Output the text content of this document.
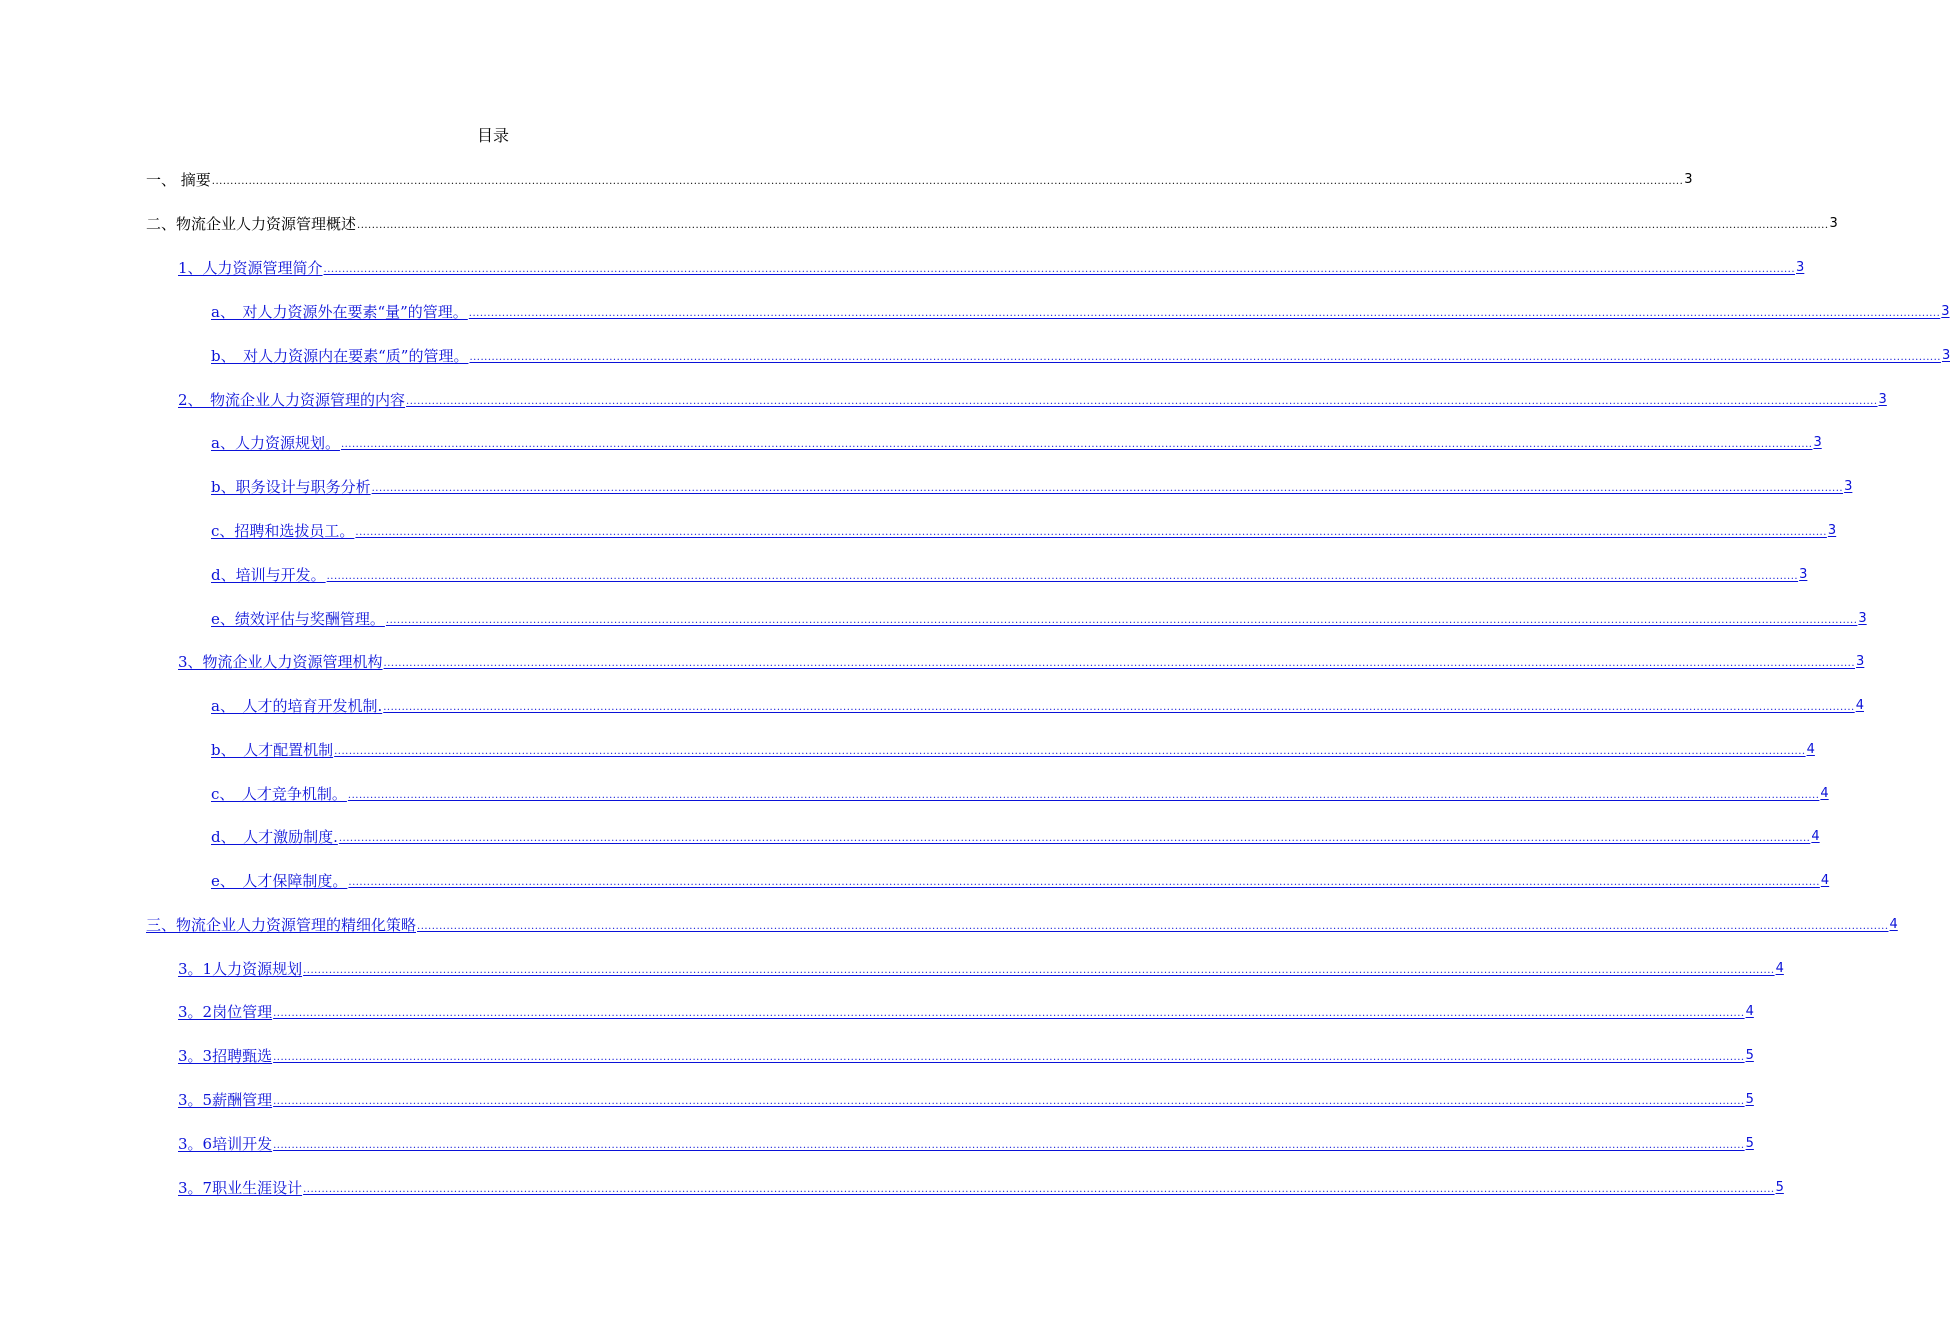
目录
一、 摘要 ................................................................................................................................................................................................................................................................................................................................................................................................................ 3
二、物流企业人力资源管理概述 ................................................................................................................................................................................................................................................................................................................................................................................................................ 3
1、人力资源管理简介 ................................................................................................................................................................................................................................................................................................................................................................................................................ 3
a、　对人力资源外在要素“量”的管理。 ................................................................................................................................................................................................................................................................................................................................................................................................................ 3
b、　对人力资源内在要素“质”的管理。 ................................................................................................................................................................................................................................................................................................................................................................................................................ 3
2、　物流企业人力资源管理的内容 ................................................................................................................................................................................................................................................................................................................................................................................................................ 3
a、人力资源规划。 ................................................................................................................................................................................................................................................................................................................................................................................................................ 3
b、职务设计与职务分析 ................................................................................................................................................................................................................................................................................................................................................................................................................ 3
c、招聘和选拔员工。 ................................................................................................................................................................................................................................................................................................................................................................................................................ 3
d、培训与开发。 ................................................................................................................................................................................................................................................................................................................................................................................................................ 3
e、绩效评估与奖酬管理。 ................................................................................................................................................................................................................................................................................................................................................................................................................ 3
3、物流企业人力资源管理机构 ................................................................................................................................................................................................................................................................................................................................................................................................................ 3
a、　人才的培育开发机制. ................................................................................................................................................................................................................................................................................................................................................................................................................ 4
b、　人才配置机制 ................................................................................................................................................................................................................................................................................................................................................................................................................ 4
c、　人才竞争机制。 ................................................................................................................................................................................................................................................................................................................................................................................................................ 4
d、　人才激励制度. ................................................................................................................................................................................................................................................................................................................................................................................................................ 4
e、　人才保障制度。 ................................................................................................................................................................................................................................................................................................................................................................................................................ 4
三、物流企业人力资源管理的精细化策略 ................................................................................................................................................................................................................................................................................................................................................................................................................ 4
3。1人力资源规划 ................................................................................................................................................................................................................................................................................................................................................................................................................ 4
3。2岗位管理 ................................................................................................................................................................................................................................................................................................................................................................................................................ 4
3。3招聘甄选 ................................................................................................................................................................................................................................................................................................................................................................................................................ 5
3。5薪酬管理 ................................................................................................................................................................................................................................................................................................................................................................................................................ 5
3。6培训开发 ................................................................................................................................................................................................................................................................................................................................................................................................................ 5
3。7职业生涯设计 ................................................................................................................................................................................................................................................................................................................................................................................................................ 5
